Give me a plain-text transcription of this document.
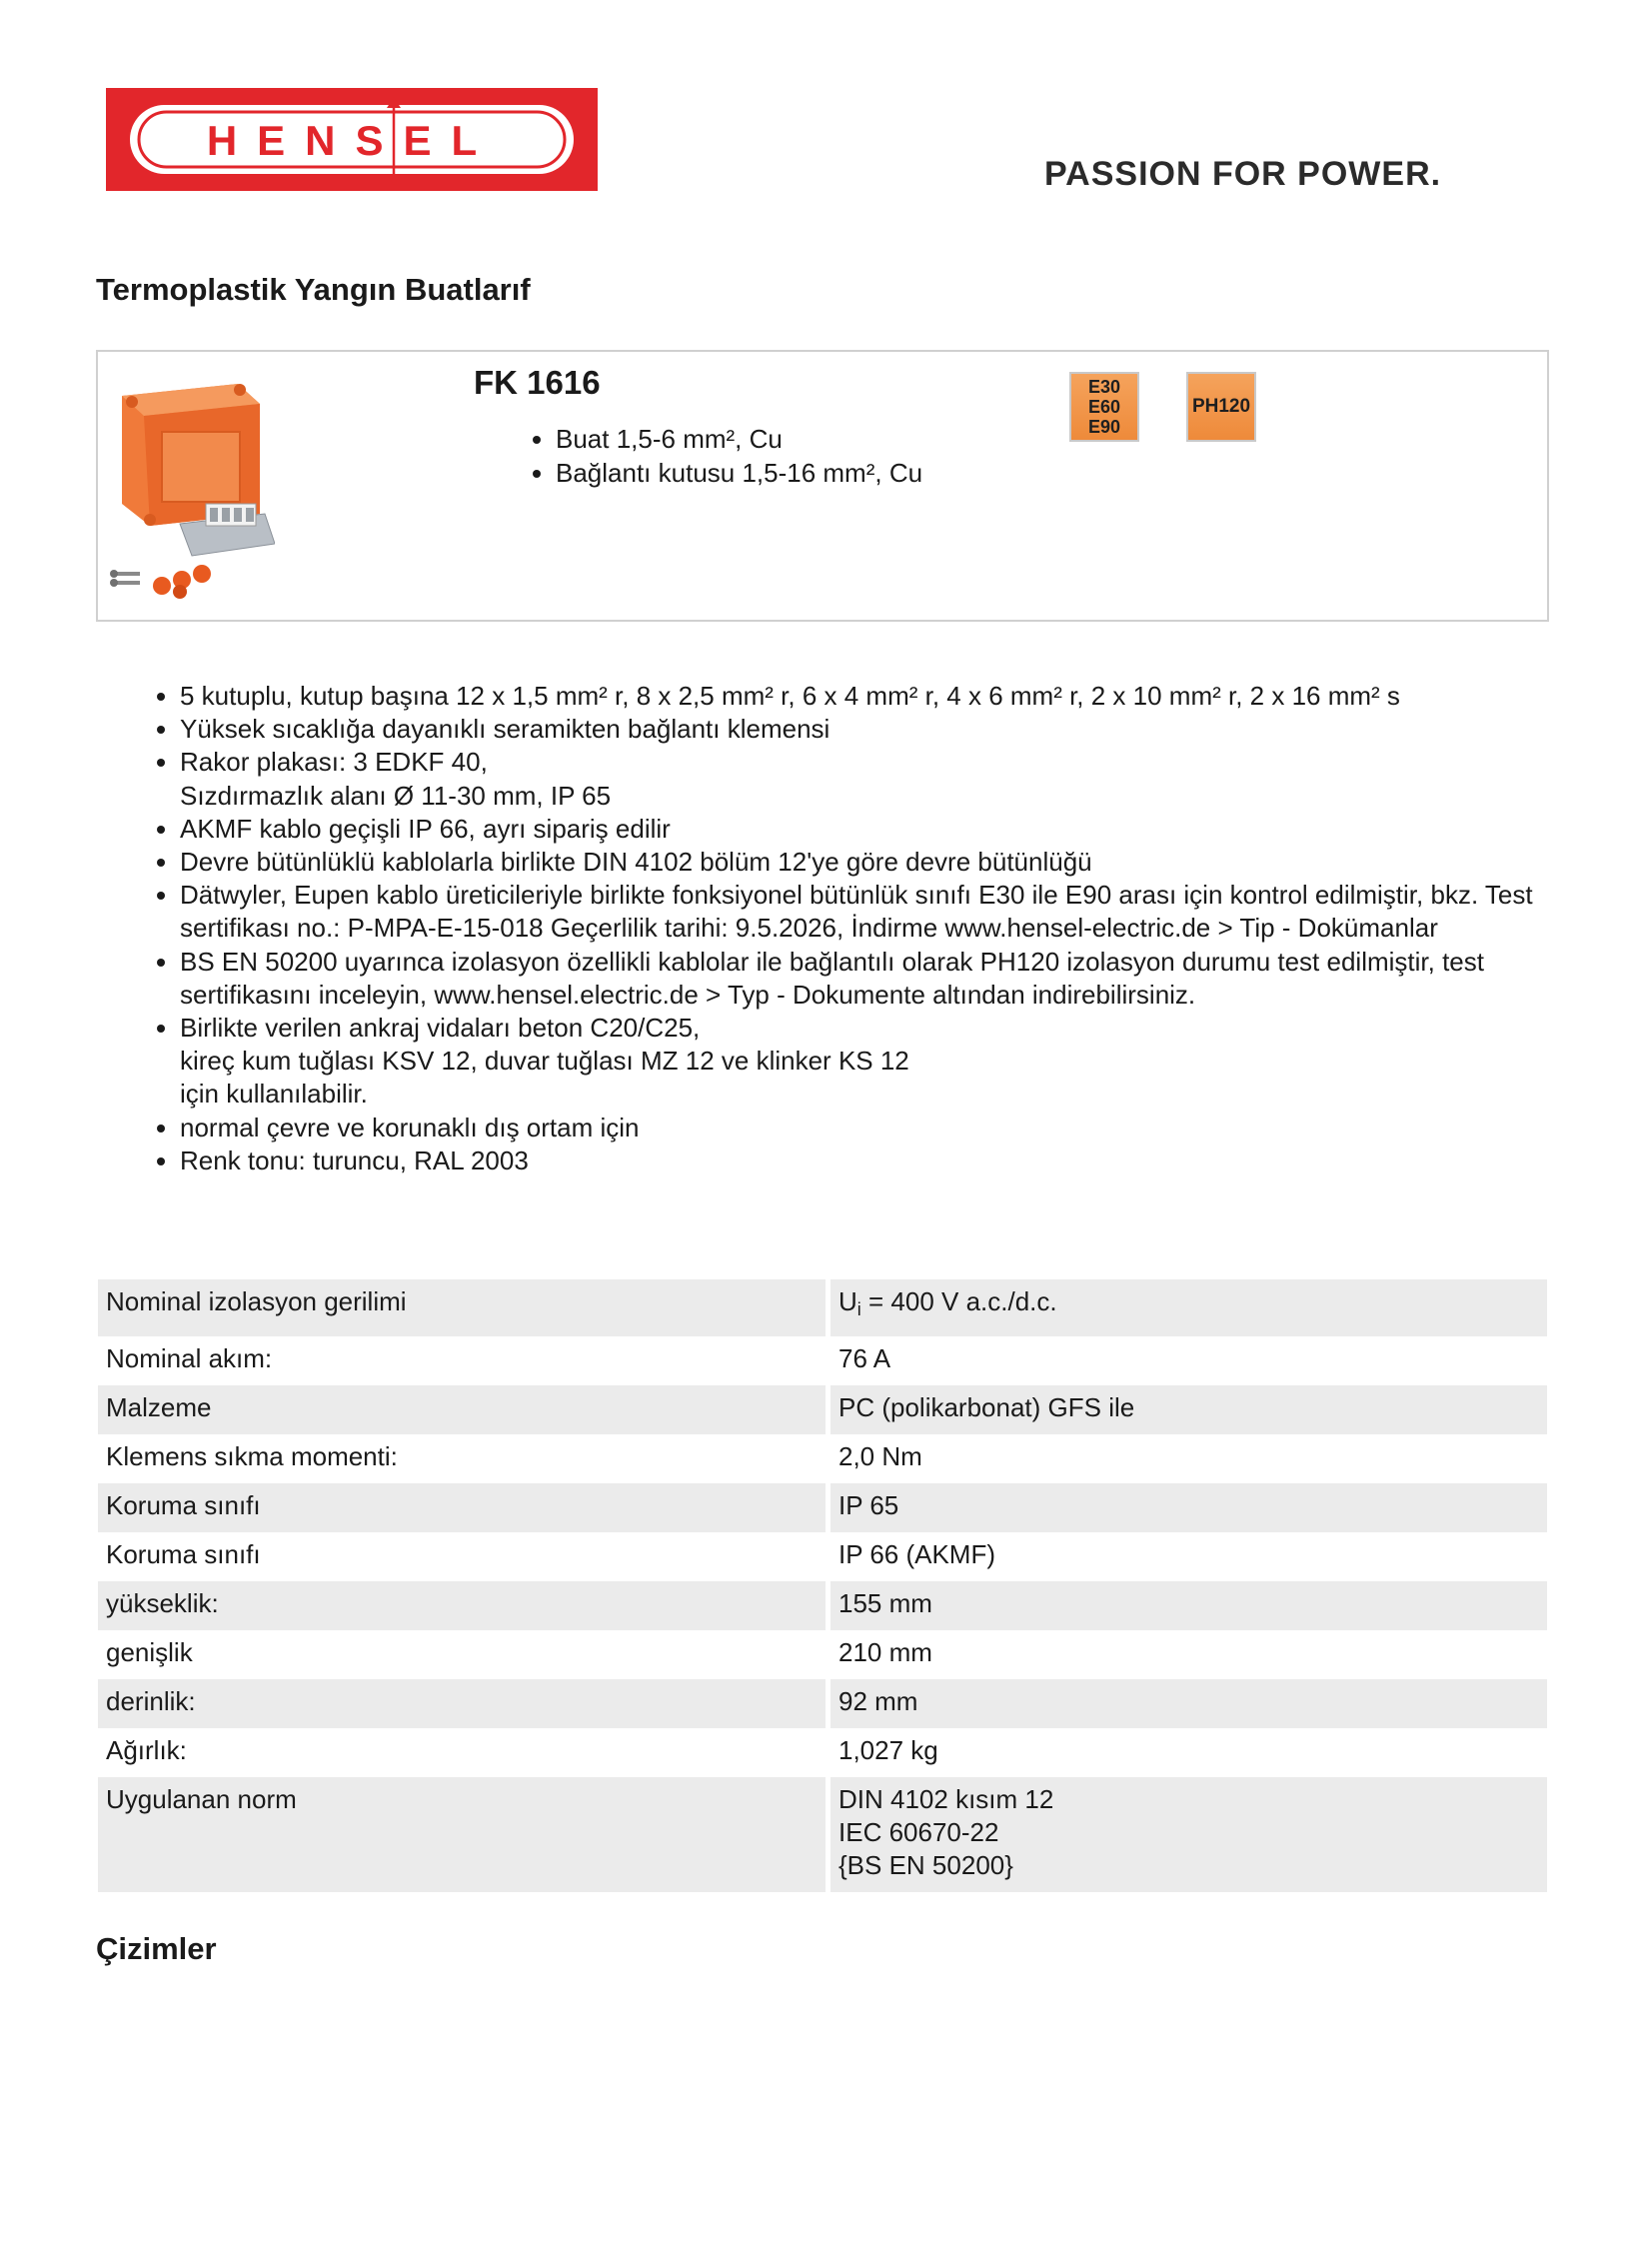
HENSEL
PASSION FOR POWER.
Termoplastik Yangın Buatlarıf
FK 1616
• Buat 1,5-6 mm², Cu
• Bağlantı kutusu 1,5-16 mm², Cu
E30
E60
E90
PH120
• 5 kutuplu, kutup başına 12 x 1,5 mm² r, 8 x 2,5 mm² r, 6 x 4 mm² r, 4 x 6 mm² r, 2 x 10 mm² r, 2 x 16 mm² s
• Yüksek sıcaklığa dayanıklı seramikten bağlantı klemensi
• Rakor plakası: 3 EDKF 40,
Sızdırmazlık alanı Ø 11-30 mm, IP 65
• AKMF kablo geçişli IP 66, ayrı sipariş edilir
• Devre bütünlüklü kablolarla birlikte DIN 4102 bölüm 12'ye göre devre bütünlüğü
• Dätwyler, Eupen kablo üreticileriyle birlikte fonksiyonel bütünlük sınıfı E30 ile E90 arası için kontrol edilmiştir, bkz. Test sertifikası no.: P-MPA-E-15-018 Geçerlilik tarihi: 9.5.2026, İndirme www.hensel-electric.de > Tip - Dokümanlar
• BS EN 50200 uyarınca izolasyon özellikli kablolar ile bağlantılı olarak PH120 izolasyon durumu test edilmiştir, test sertifikasını inceleyin, www.hensel.electric.de > Typ - Dokumente altından indirebilirsiniz.
• Birlikte verilen ankraj vidaları beton C20/C25,
kireç kum tuğlası KSV 12, duvar tuğlası MZ 12 ve klinker KS 12
için kullanılabilir.
• normal çevre ve korunaklı dış ortam için
• Renk tonu: turuncu, RAL 2003
Nominal izolasyon gerilimi	$U_i = 400$ V a.c./d.c.
Nominal akım:	76 A
Malzeme	PC (polikarbonat) GFS ile
Klemens sıkma momenti:	2,0 Nm
Koruma sınıfı	IP 65
Koruma sınıfı	IP 66 (AKMF)
yükseklik:	155 mm
genişlik	210 mm
derinlik:	92 mm
Ağırlık:	1,027 kg
Uygulanan norm	DIN 4102 kısım 12
IEC 60670-22
{BS EN 50200}
Çizimler
